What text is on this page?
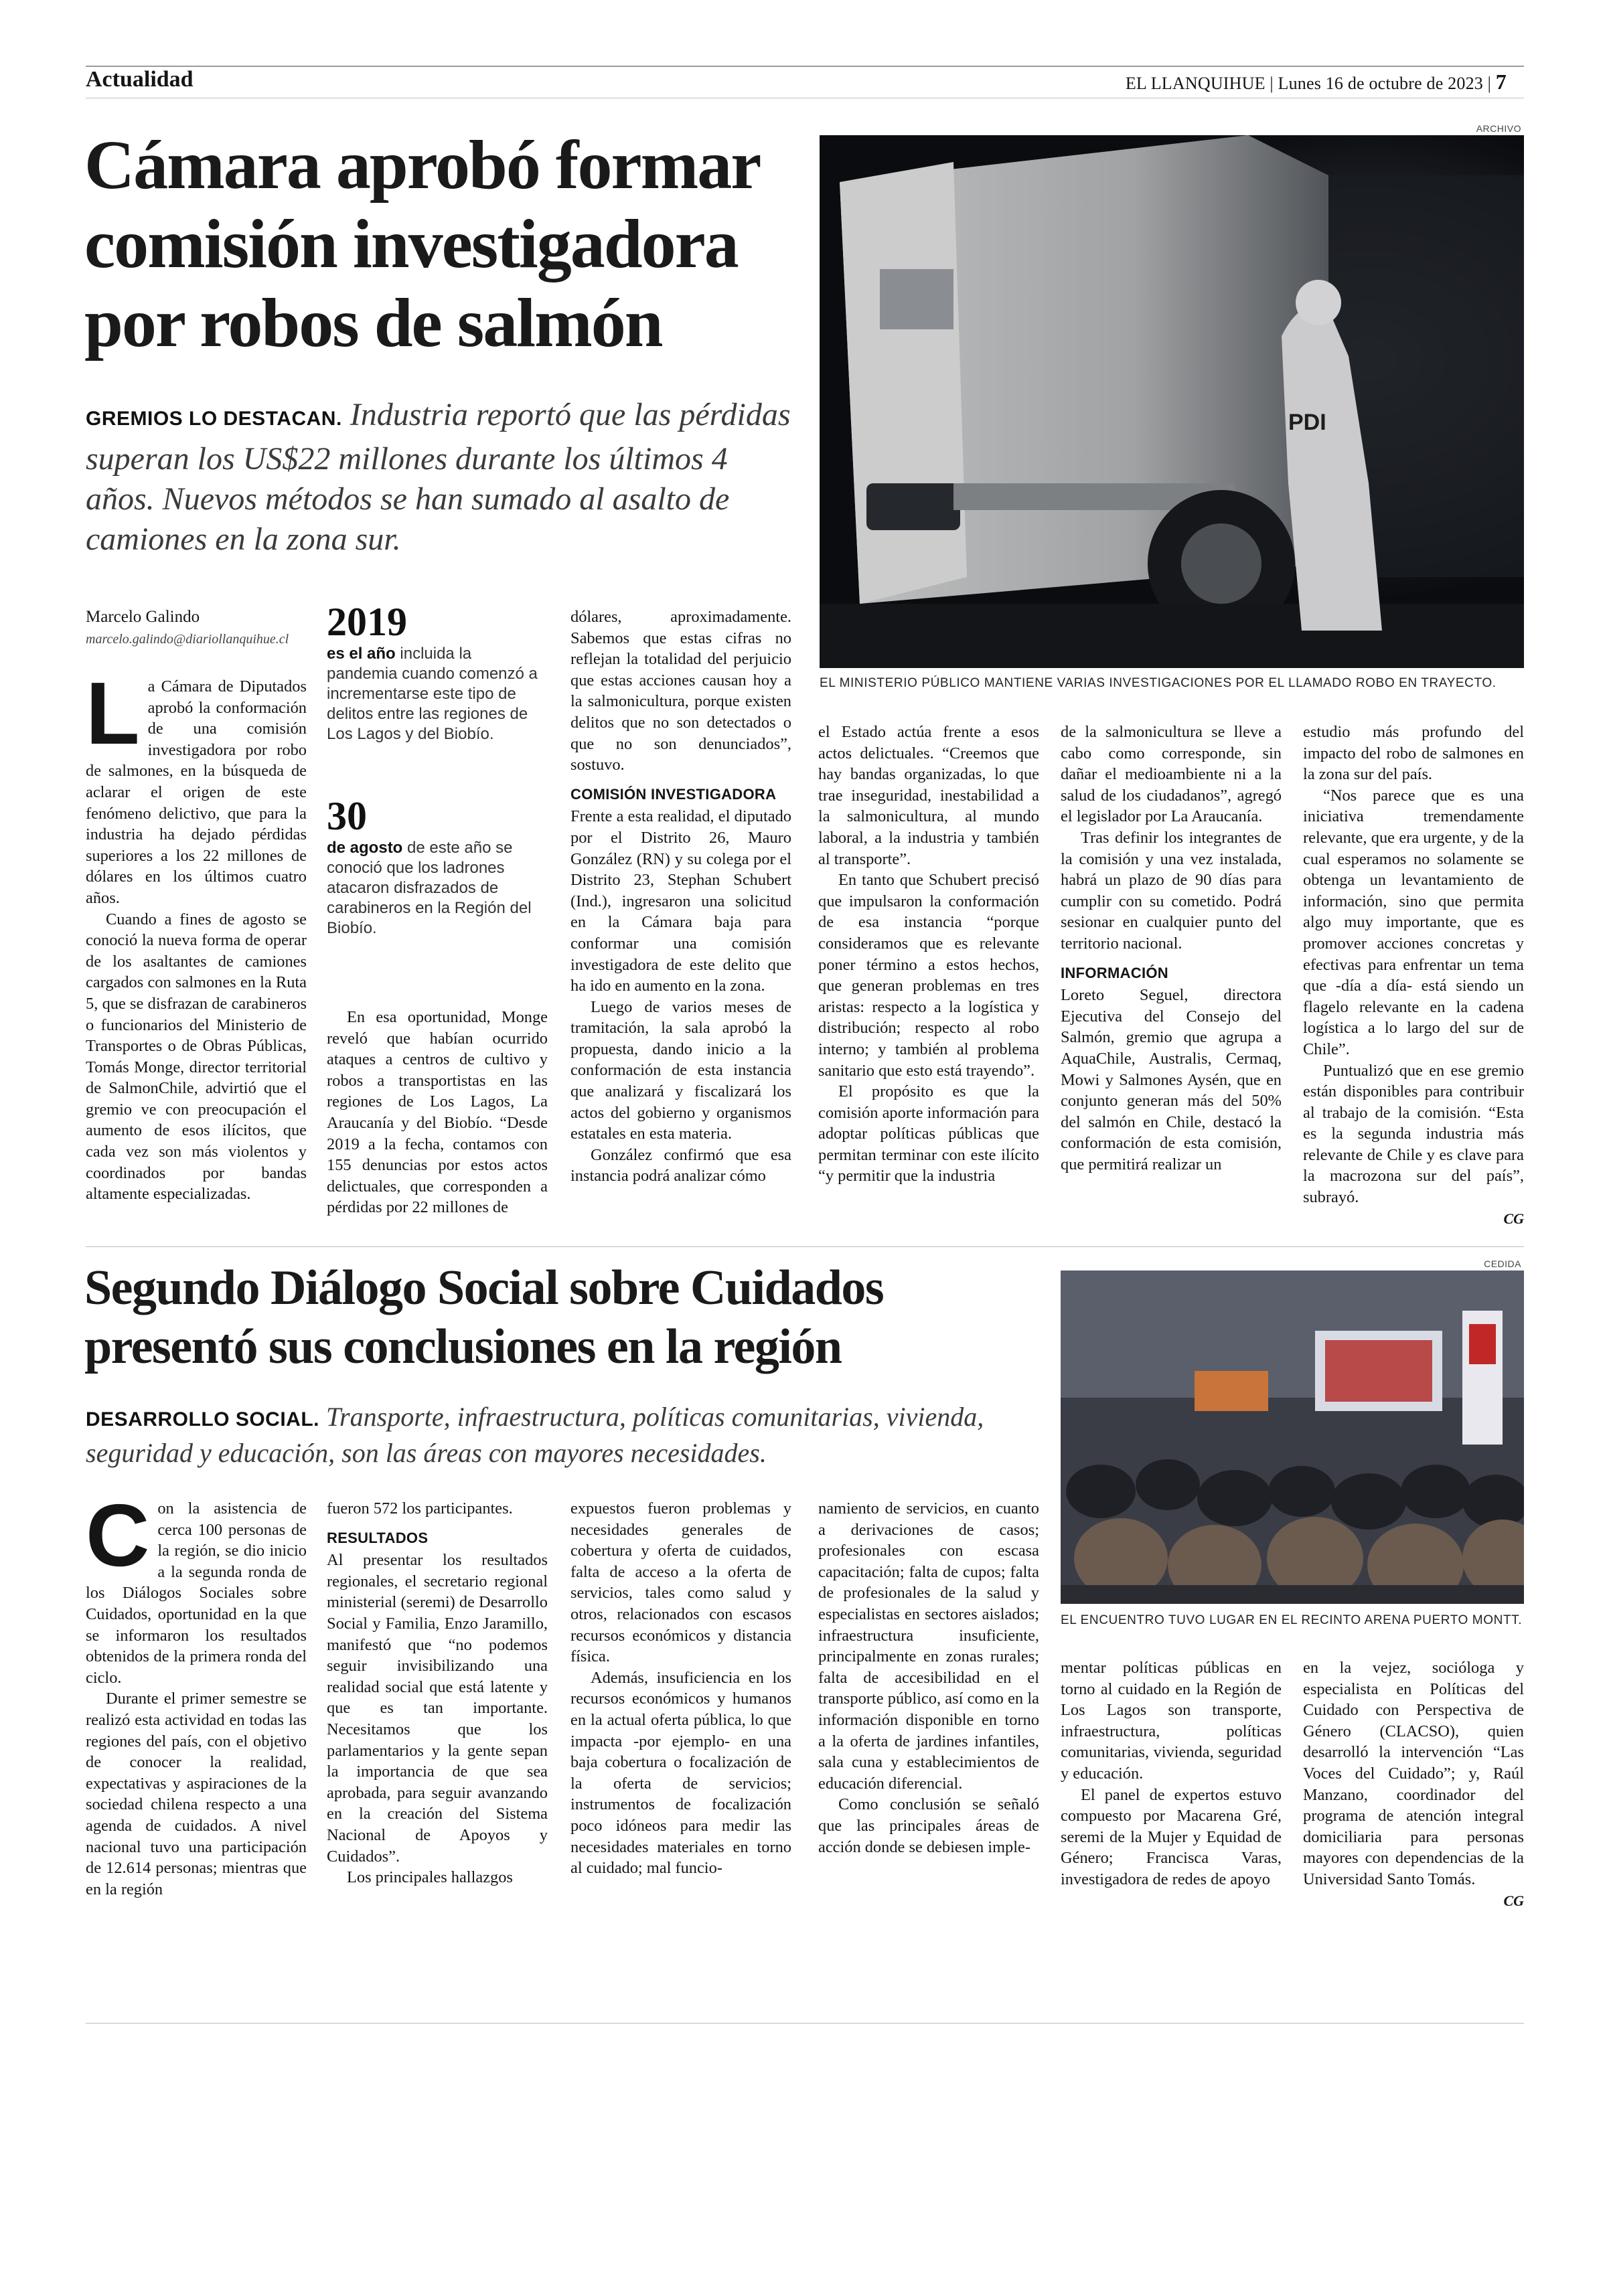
Actualidad	EL LLANQUIHUE | Lunes 16 de octubre de 2023 | 7
Cámara aprobó formar comisión investigadora por robos de salmón
GREMIOS LO DESTACAN. Industria reportó que las pérdidas superan los US$22 millones durante los últimos 4 años. Nuevos métodos se han sumado al asalto de camiones en la zona sur.
ARCHIVO
PDI
EL MINISTERIO PÚBLICO MANTIENE VARIAS INVESTIGACIONES POR EL LLAMADO ROBO EN TRAYECTO.
Marcelo Galindo
marcelo.galindo@diariollanquihue.cl
L a Cámara de Diputados aprobó la conformación de una comisión investigadora por robo de salmones, en la búsqueda de aclarar el origen de este fenómeno delictivo, que para la industria ha dejado pérdidas superiores a los 22 millones de dólares en los últimos cuatro años.

Cuando a fines de agosto se conoció la nueva forma de operar de los asaltantes de camiones cargados con salmones en la Ruta 5, que se disfrazan de carabineros o funcionarios del Ministerio de Transportes o de Obras Públicas, Tomás Monge, director territorial de SalmonChile, advirtió que el gremio ve con preocupación el aumento de esos ilícitos, que cada vez son más violentos y coordinados por bandas altamente especializadas.

2019
es el año incluida la pandemia cuando comenzó a incrementarse este tipo de delitos entre las regiones de Los Lagos y del Biobío.
30
de agosto de este año se conoció que los ladrones atacaron disfrazados de carabineros en la Región del Biobío.

En esa oportunidad, Monge reveló que habían ocurrido ataques a centros de cultivo y robos a transportistas en las regiones de Los Lagos, La Araucanía y del Biobío. “Desde 2019 a la fecha, contamos con 155 denuncias por estos actos delictuales, que corresponden a pérdidas por 22 millones de

dólares, aproximadamente. Sabemos que estas cifras no reflejan la totalidad del perjuicio que estas acciones causan hoy a la salmonicultura, porque existen delitos que no son detectados o que no son denunciados”, sostuvo.

COMISIÓN INVESTIGADORA

Frente a esta realidad, el diputado por el Distrito 26, Mauro González (RN) y su colega por el Distrito 23, Stephan Schubert (Ind.), ingresaron una solicitud en la Cámara baja para conformar una comisión investigadora de este delito que ha ido en aumento en la zona.

Luego de varios meses de tramitación, la sala aprobó la propuesta, dando inicio a la conformación de esta instancia que analizará y fiscalizará los actos del gobierno y organismos estatales en esta materia.

González confirmó que esa instancia podrá analizar cómo

el Estado actúa frente a esos actos delictuales. “Creemos que hay bandas organizadas, lo que trae inseguridad, inestabilidad a la salmonicultura, al mundo laboral, a la industria y también al transporte”.

En tanto que Schubert precisó que impulsaron la conformación de esa instancia “porque consideramos que es relevante poner término a estos hechos, que generan problemas en tres aristas: respecto a la logística y distribución; respecto al robo interno; y también al problema sanitario que esto está trayendo”.

El propósito es que la comisión aporte información para adoptar políticas públicas que permitan terminar con este ilícito “y permitir que la industria

de la salmonicultura se lleve a cabo como corresponde, sin dañar el medioambiente ni a la salud de los ciudadanos”, agregó el legislador por La Araucanía.

Tras definir los integrantes de la comisión y una vez instalada, habrá un plazo de 90 días para cumplir con su cometido. Podrá sesionar en cualquier punto del territorio nacional.

INFORMACIÓN

Loreto Seguel, directora Ejecutiva del Consejo del Salmón, gremio que agrupa a AquaChile, Australis, Cermaq, Mowi y Salmones Aysén, que en conjunto generan más del 50% del salmón en Chile, destacó la conformación de esta comisión, que permitirá realizar un

estudio más profundo del impacto del robo de salmones en la zona sur del país.

“Nos parece que es una iniciativa tremendamente relevante, que era urgente, y de la cual esperamos no solamente se obtenga un levantamiento de información, sino que permita algo muy importante, que es promover acciones concretas y efectivas para enfrentar un tema que -día a día- está siendo un flagelo relevante en la cadena logística a lo largo del sur de Chile”.

Puntualizó que en ese gremio están disponibles para contribuir al trabajo de la comisión. “Esta es la segunda industria más relevante de Chile y es clave para la macrozona sur del país”, subrayó.

CG
Segundo Diálogo Social sobre Cuidados presentó sus conclusiones en la región
DESARROLLO SOCIAL. Transporte, infraestructura, políticas comunitarias, vivienda, seguridad y educación, son las áreas con mayores necesidades.
CEDIDA
EL ENCUENTRO TUVO LUGAR EN EL RECINTO ARENA PUERTO MONTT.
C on la asistencia de cerca 100 personas de la región, se dio inicio a la segunda ronda de los Diálogos Sociales sobre Cuidados, oportunidad en la que se informaron los resultados obtenidos de la primera ronda del ciclo.

Durante el primer semestre se realizó esta actividad en todas las regiones del país, con el objetivo de conocer la realidad, expectativas y aspiraciones de la sociedad chilena respecto a una agenda de cuidados. A nivel nacional tuvo una participación de 12.614 personas; mientras que en la región

fueron 572 los participantes.

RESULTADOS

Al presentar los resultados regionales, el secretario regional ministerial (seremi) de Desarrollo Social y Familia, Enzo Jaramillo, manifestó que “no podemos seguir invisibilizando una realidad social que está latente y que es tan importante. Necesitamos que los parlamentarios y la gente sepan la importancia de que sea aprobada, para seguir avanzando en la creación del Sistema Nacional de Apoyos y Cuidados”.

Los principales hallazgos

expuestos fueron problemas y necesidades generales de cobertura y oferta de cuidados, falta de acceso a la oferta de servicios, tales como salud y otros, relacionados con escasos recursos económicos y distancia física.

Además, insuficiencia en los recursos económicos y humanos en la actual oferta pública, lo que impacta -por ejemplo- en una baja cobertura o focalización de la oferta de servicios; instrumentos de focalización poco idóneos para medir las necesidades materiales en torno al cuidado; mal funcio-

namiento de servicios, en cuanto a derivaciones de casos; profesionales con escasa capacitación; falta de cupos; falta de profesionales de la salud y especialistas en sectores aislados; infraestructura insuficiente, principalmente en zonas rurales; falta de accesibilidad en el transporte público, así como en la información disponible en torno a la oferta de jardines infantiles, sala cuna y establecimientos de educación diferencial.

Como conclusión se señaló que las principales áreas de acción donde se debiesen imple-

mentar políticas públicas en torno al cuidado en la Región de Los Lagos son transporte, infraestructura, políticas comunitarias, vivienda, seguridad y educación.

El panel de expertos estuvo compuesto por Macarena Gré, seremi de la Mujer y Equidad de Género; Francisca Varas, investigadora de redes de apoyo

en la vejez, socióloga y especialista en Políticas del Cuidado con Perspectiva de Género (CLACSO), quien desarrolló la intervención “Las Voces del Cuidado”; y, Raúl Manzano, coordinador del programa de atención integral domiciliaria para personas mayores con dependencias de la Universidad Santo Tomás.

CG
